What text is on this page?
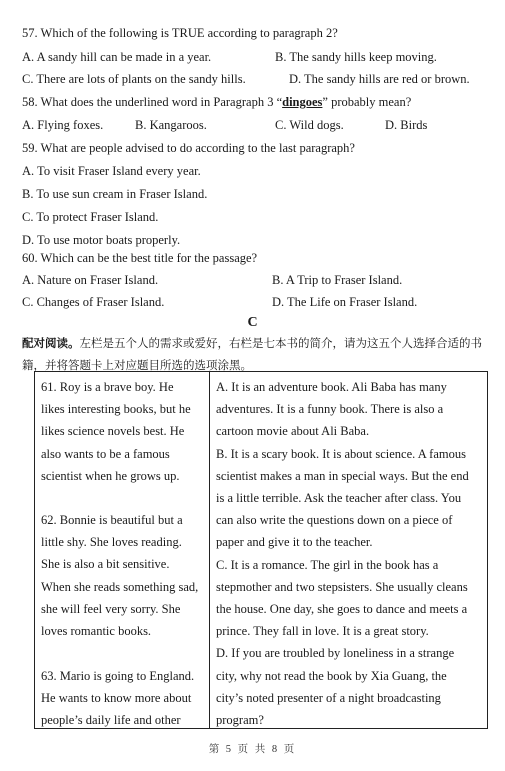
57. Which of the following is TRUE according to paragraph 2?
A. A sandy hill can be made in a year.	B. The sandy hills keep moving.
C. There are lots of plants on the sandy hills.	D. The sandy hills are red or brown.
58. What does the underlined word in Paragraph 3 “dingoes” probably mean?
A. Flying foxes.	B. Kangaroos.	C. Wild dogs.	D. Birds
59. What are people advised to do according to the last paragraph?
A. To visit Fraser Island every year.
B. To use sun cream in Fraser Island.
C. To protect Fraser Island.
D. To use motor boats properly.
60. Which can be the best title for the passage?
A. Nature on Fraser Island.	B. A Trip to Fraser Island.
C. Changes of Fraser Island.	D. The Life on Fraser Island.
C
配对阅读。左栏是五个人的需求或爱好，右栏是七本书的简介，请为这五个人选择合适的书籍，并将答题卡上对应题目所选的选项涂黑。
61. Roy is a brave boy. He
likes interesting books, but he
likes science novels best. He
also wants to be a famous
scientist when he grows up.
62. Bonnie is beautiful but a
little shy. She loves reading.
She is also a bit sensitive.
When she reads something sad,
she will feel very sorry. She
loves romantic books.
63. Mario is going to England.
He wants to know more about
people’s daily life and other
A. It is an adventure book. Ali Baba has many
adventures. It is a funny book. There is also a
cartoon movie about Ali Baba.
B. It is a scary book. It is about science. A famous
scientist makes a man in special ways. But the end
is a little terrible. Ask the teacher after class. You
can also write the questions down on a piece of
paper and give it to the teacher.
C. It is a romance. The girl in the book has a
stepmother and two stepsisters. She usually cleans
the house. One day, she goes to dance and meets a
prince. They fall in love. It is a great story.
D. If you are troubled by loneliness in a strange
city, why not read the book by Xia Guang, the
city’s noted presenter of a night broadcasting
program?
第 5 页 共 8 页
